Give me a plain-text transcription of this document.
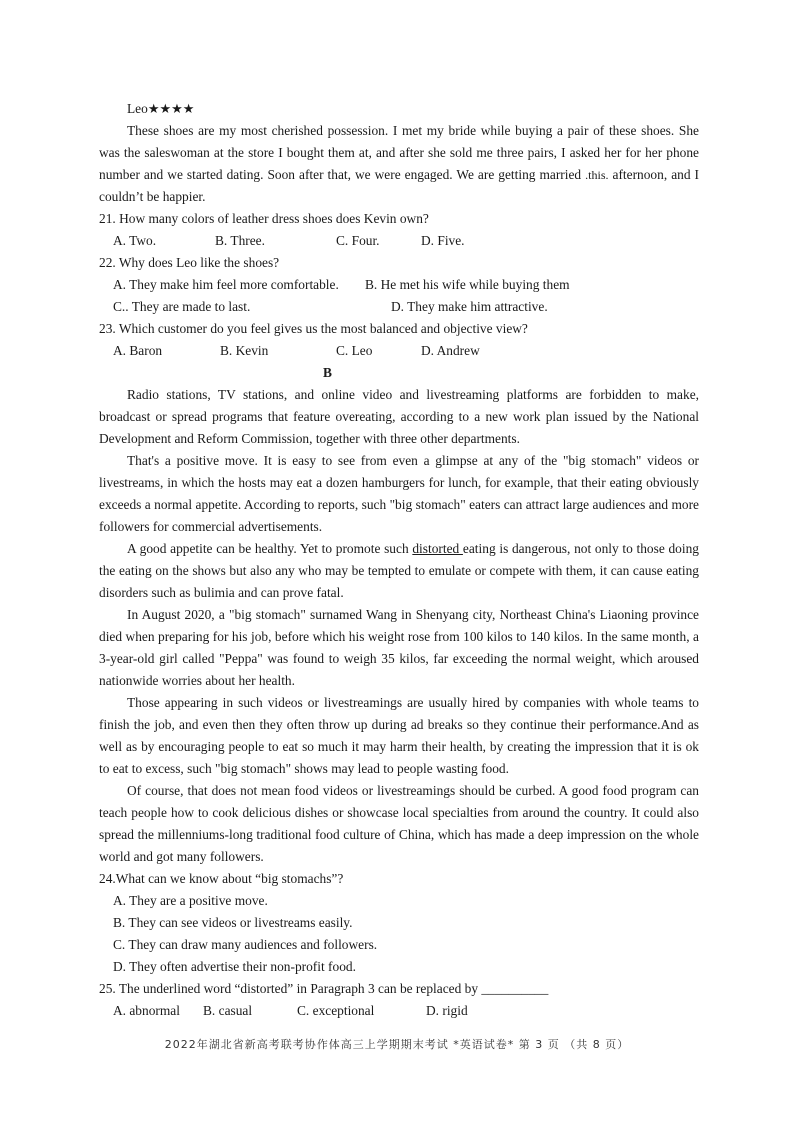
Leo★★★★

These shoes are my most cherished possession. I met my bride while buying a pair of these shoes. She was the saleswoman at the store I bought them at, and after she sold me three pairs, I asked her for her phone number and we started dating. Soon after that, we were engaged. We are getting married .this. afternoon, and I couldn’t be happier.

21. How many colors of leather dress shoes does Kevin own?
A. Two.	B. Three.	C. Four.	D. Five.
22. Why does Leo like the shoes?
A. They make him feel more comfortable. B. He met his wife while buying them
C.. They are made to last.	D. They make him attractive.
23. Which customer do you feel gives us the most balanced and objective view?
A. Baron	B. Kevin	C. Leo	D. Andrew
B

Radio stations, TV stations, and online video and livestreaming platforms are forbidden to make, broadcast or spread programs that feature overeating, according to a new work plan issued by the National Development and Reform Commission, together with three other departments.

That's a positive move. It is easy to see from even a glimpse at any of the "big stomach" videos or livestreams, in which the hosts may eat a dozen hamburgers for lunch, for example, that their eating obviously exceeds a normal appetite. According to reports, such "big stomach" eaters can attract large audiences and more followers for commercial advertisements.

A good appetite can be healthy. Yet to promote such distorted eating is dangerous, not only to those doing the eating on the shows but also any who may be tempted to emulate or compete with them, it can cause eating disorders such as bulimia and can prove fatal.

In August 2020, a "big stomach" surnamed Wang in Shenyang city, Northeast China's Liaoning province died when preparing for his job, before which his weight rose from 100 kilos to 140 kilos. In the same month, a 3-year-old girl called "Peppa" was found to weigh 35 kilos, far exceeding the normal weight, which aroused nationwide worries about her health.

Those appearing in such videos or livestreamings are usually hired by companies with whole teams to finish the job, and even then they often throw up during ad breaks so they continue their performance.And as well as by encouraging people to eat so much it may harm their health, by creating the impression that it is ok to eat to excess, such "big stomach" shows may lead to people wasting food.

Of course, that does not mean food videos or livestreamings should be curbed. A good food program can teach people how to cook delicious dishes or showcase local specialties from around the country. It could also spread the millenniums-long traditional food culture of China, which has made a deep impression on the whole world and got many followers.

24.What can we know about “big stomachs”?
A. They are a positive move.
B. They can see videos or livestreams easily.
C. They can draw many audiences and followers.
D. They often advertise their non-profit food.
25. The underlined word “distorted” in Paragraph 3 can be replaced by __________
A. abnormal B. casual	C. exceptional	D. rigid
2022年湖北省新高考联考协作体高三上学期期末考试 *英语试卷* 第 3 页 （共 8 页）
